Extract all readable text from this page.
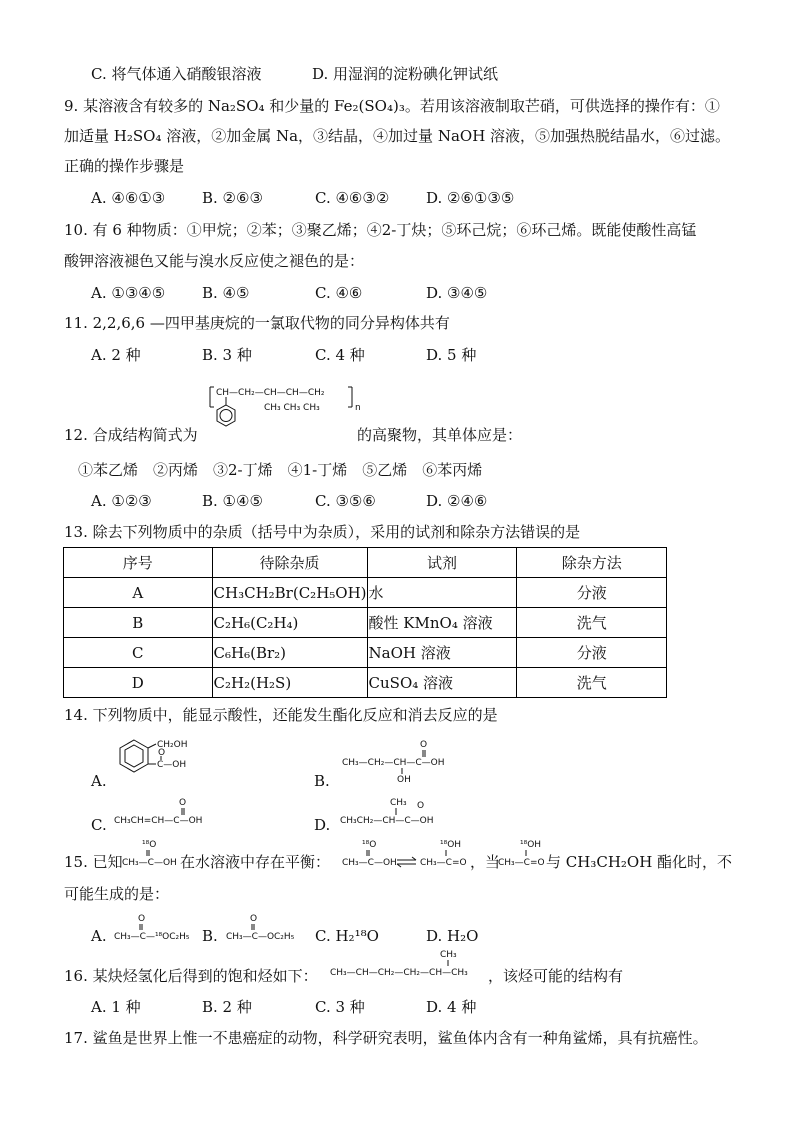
C. 将气体通入硝酸银溶液	D. 用湿润的淀粉碘化钾试纸
9. 某溶液含有较多的 Na₂SO₄ 和少量的 Fe₂(SO₄)₃。若用该溶液制取芒硝，可供选择的操作有：①
加适量 H₂SO₄ 溶液，②加金属 Na，③结晶，④加过量 NaOH 溶液，⑤加强热脱结晶水，⑥过滤。
正确的操作步骤是
A. ④⑥①③ B. ②⑥③	C. ④⑥③② D. ②⑥①③⑤
10. 有 6 种物质：①甲烷；②苯；③聚乙烯；④2-丁炔；⑤环己烷；⑥环己烯。既能使酸性高锰
酸钾溶液褪色又能与溴水反应使之褪色的是：
A. ①③④⑤ B. ④⑤	C. ④⑥	D. ③④⑤
11. 2,2,6,6 —四甲基庚烷的一氯取代物的同分异构体共有
A. 2 种	B. 3 种	C. 4 种	D. 5 种
CH—CH₂—CH—CH—CH₂
CH₃ CH₃ CH₃	n
12. 合成结构简式为	的高聚物，其单体应是：
①苯乙烯　②丙烯　③2-丁烯　④1-丁烯　⑤乙烯　⑥苯丙烯
A. ①②③	B. ①④⑤	C. ③⑤⑥	D. ②④⑥
13. 除去下列物质中的杂质（括号中为杂质），采用的试剂和除杂方法错误的是
序号	待除杂质	试剂	除杂方法
A	CH₃CH₂Br(C₂H₅OH)	水	分液
B	C₂H₆(C₂H₄)	酸性 KMnO₄ 溶液	洗气
C	C₆H₆(Br₂)	NaOH 溶液	分液
D	C₂H₂(H₂S)	CuSO₄ 溶液	洗气
14. 下列物质中，能显示酸性，还能发生酯化反应和消去反应的是
A.
CH₂OH
C—OH
O
B.
O
CH₃—CH₂—CH—C—OH
OH
C.
O
CH₃CH=CH—C—OH	D.
CH₃ O
CH₃CH₂—CH—C—OH
15. 已知
¹⁸O
CH₃—C—OH 在水溶液中存在平衡：
¹⁸O
CH₃—C—OH
¹⁸OH
CH₃—C=O ，当
¹⁸OH
CH₃—C=O 与 CH₃CH₂OH 酯化时，不
可能生成的是：
A.
O
CH₃—C—¹⁸OC₂H₅ B.
O
CH₃—C—OC₂H₅ C. H₂¹⁸O	D. H₂O
16. 某炔烃氢化后得到的饱和烃如下：
CH₃
CH₃—CH—CH₂—CH₂—CH—CH₃ ，该烃可能的结构有
A. 1 种	B. 2 种	C. 3 种	D. 4 种
17. 鲨鱼是世界上惟一不患癌症的动物，科学研究表明，鲨鱼体内含有一种角鲨烯，具有抗癌性。
